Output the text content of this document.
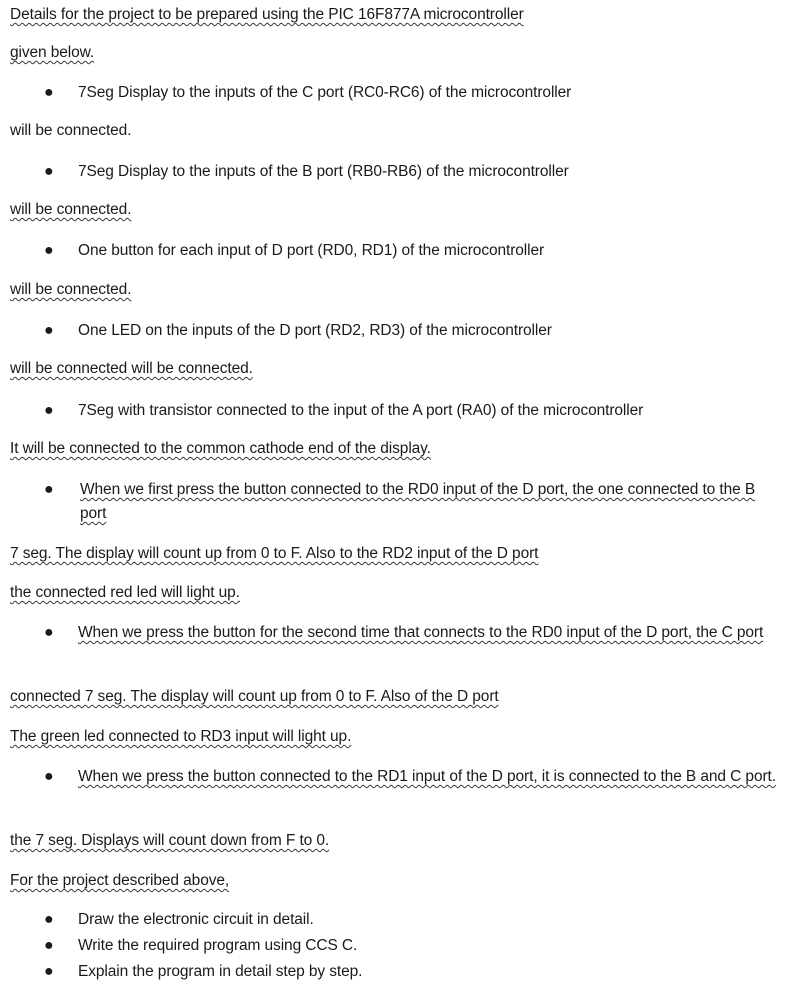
Details for the project to be prepared using the PIC 16F877A microcontroller
given below.
● 7Seg Display to the inputs of the C port (RC0-RC6) of the microcontroller
will be connected.
● 7Seg Display to the inputs of the B port (RB0-RB6) of the microcontroller
will be connected.
● One button for each input of D port (RD0, RD1) of the microcontroller
will be connected.
● One LED on the inputs of the D port (RD2, RD3) of the microcontroller
will be connected will be connected.
● 7Seg with transistor connected to the input of the A port (RA0) of the microcontroller
It will be connected to the common cathode end of the display.
● When we first press the button connected to the RD0 input of the D port, the one connected to the B port
7 seg. The display will count up from 0 to F. Also to the RD2 input of the D port
the connected red led will light up.
● When we press the button for the second time that connects to the RD0 input of the D port, the C port
connected 7 seg. The display will count up from 0 to F. Also of the D port
The green led connected to RD3 input will light up.
● When we press the button connected to the RD1 input of the D port, it is connected to the B and C port.
the 7 seg. Displays will count down from F to 0.
For the project described above,
● Draw the electronic circuit in detail.
● Write the required program using CCS C.
● Explain the program in detail step by step.
